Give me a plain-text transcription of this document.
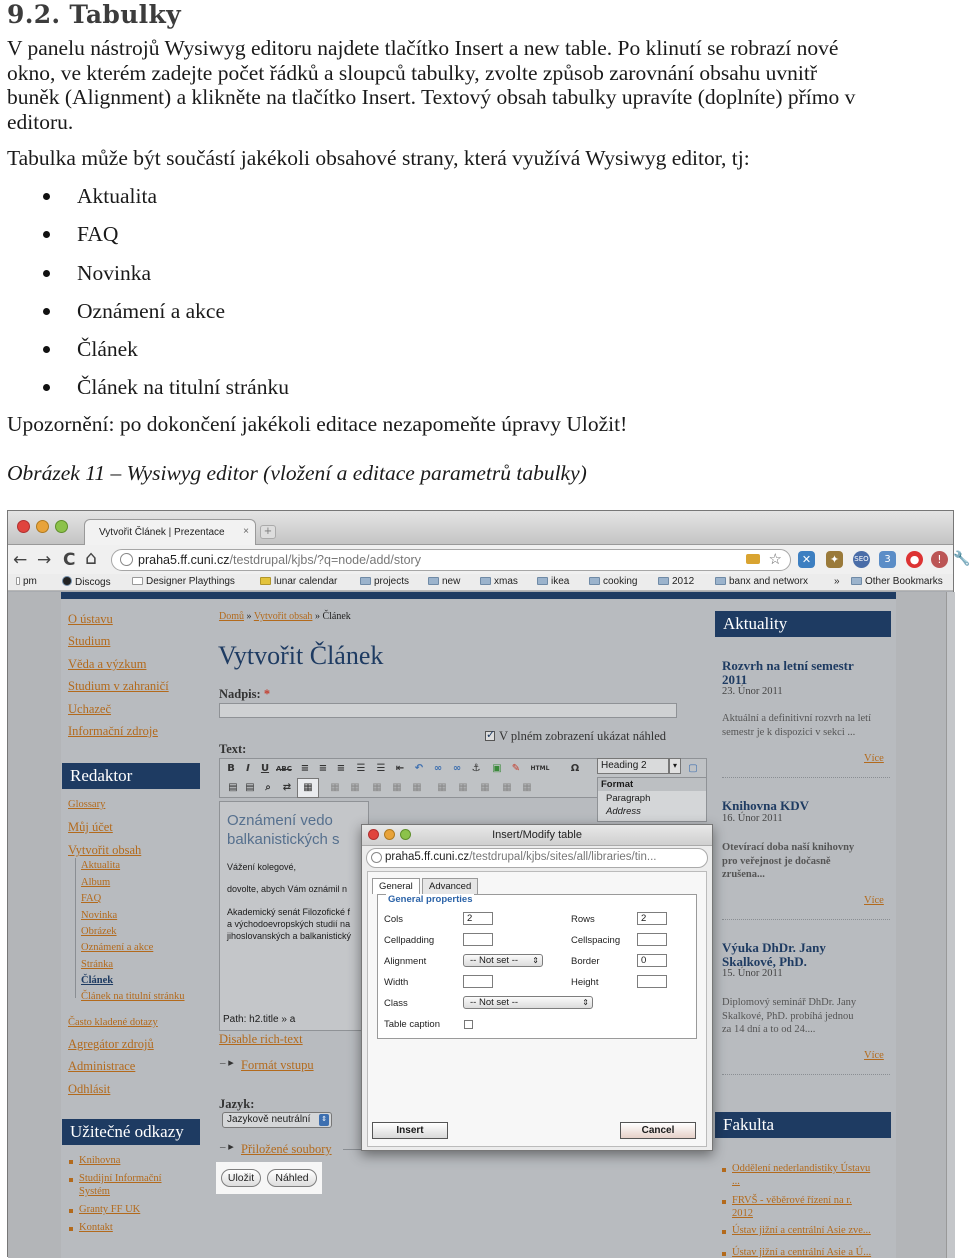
9.2. Tabulky
V panelu nástrojů Wysiwyg editoru najdete tlačítko Insert a new table. Po klinutí se robrazí nové
okno, ve kterém zadejte počet řádků a sloupců tabulky, zvolte způsob zarovnání obsahu uvnitř
buněk (Alignment) a klikněte na tlačítko Insert. Textový obsah tabulky upravíte (doplníte) přímo v
editoru.
Tabulka může být součástí jakékoli obsahové strany, která využívá Wysiwyg editor, tj:
Aktualita
FAQ
Novinka
Oznámení a akce
Článek
Článek na titulní stránku
Upozornění: po dokončení jakékoli editace nezapomeňte úpravy Uložit!
Obrázek 11 – Wysiwyg editor (vložení a editace parametrů tabulky)
Vytvořit Článek | Prezentace ×	+
← → C ⌂	praha5.ff.cuni.cz/testdrupal/kjbs/?q=node/add/story	☆	✕	✦	SEO	3	●	! 🔧
pm	Discogs	Designer Playthings	lunar calendar	projects	new	xmas	ikea	cooking	2012	banx and networx	»	Other Bookmarks
O ústavu
Studium
Věda a výzkum
Studium v zahraničí
Uchazeč
Informační zdroje
Redaktor
Glossary
Můj účet
Vytvořit obsah
Aktualita
Album
FAQ
Novinka
Obrázek
Oznámení a akce
Stránka
Článek
Článek na titulní stránku
Často kladené dotazy
Agregátor zdrojů
Administrace
Odhlásit
Užitečné odkazy
Knihovna
Studijní Informační
Systém
Granty FF UK
Kontakt
Domů » Vytvořit obsah » Článek
Vytvořit Článek
Nadpis: *
✓ V plném zobrazení ukázat náhled
Text:
B	I	U ABC ≡ ≡ ≡ ☰ ☰ ⇤ ↶ ∞ ∞ ⚓ ▣ ✎	HTML Ω	▢
▤ ▤	⌕	⇄ ▦ ▦ ▦ ▦ ▦ ▦ ▦ ▦ ▦ ▦ ▦
Heading 2	▾
Format
Paragraph
Address
Oznámení vedo
balkanistických s
Vážení kolegové,
dovolte, abych Vám oznámil n
Akademický senát Filozofické f
a východoevropských studií na
jihoslovanských a balkanistický
Path: h2.title » a
Disable rich-text
– ▸ Formát vstupu
Jazyk:
Jazykově neutrální ⇕
– ▸ Přiložené soubory
Uložit	Náhled
Aktuality
Rozvrh na letní semestr
2011
23. Únor 2011
Aktuální a definitivní rozvrh na letí
semestr je k dispozici v sekci ...
Více
Knihovna KDV
16. Únor 2011
Otevírací doba naší knihovny
pro veřejnost je dočasně
zrušena...
Více
Výuka DhDr. Jany
Skalkové, PhD.
15. Únor 2011
Diplomový seminář DhDr. Jany
Skalkové, PhD. probíhá jednou
za 14 dní a to od 24....
Více
Fakulta
Oddělení nederlandistiky Ústavu
...
FRVŠ - věběrové řízení na r.
2012
Ústav jižní a centrální Asie zve...
Ústav jižní a centrální Asie a Ú...
Insert/Modify table
praha5.ff.cuni.cz/testdrupal/kjbs/sites/all/libraries/tin...
General	Advanced
General properties
Cols	2	Rows	2
Cellpadding	Cellspacing
Alignment	-- Not set -- ⇕	Border	0
Width	Height
Class	-- Not set --	⇕
Table caption
Insert	Cancel
